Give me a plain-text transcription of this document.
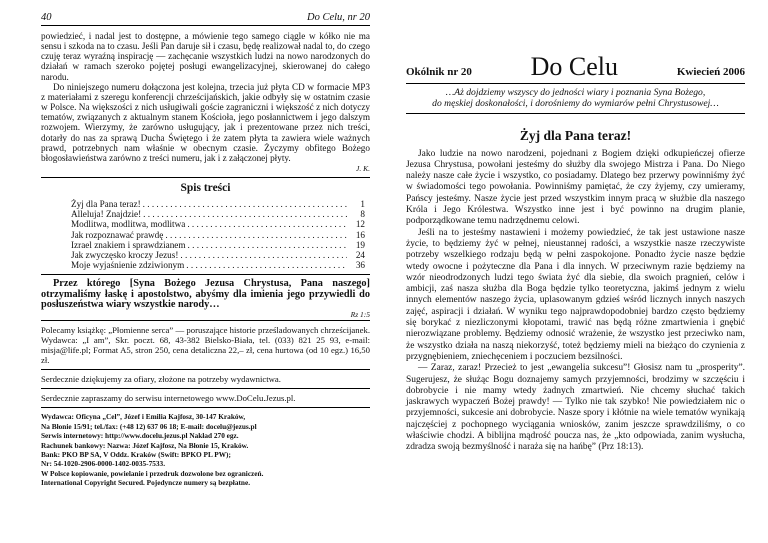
40	Do Celu, nr 20

powiedzieć, i nadal jest to dostępne, a mówienie tego samego ciągle w kółko nie ma sensu i szkoda na to czasu. Jeśli Pan daruje sił i czasu, będę realizował nadal to, do czego czuję teraz wyraźną inspirację — zachęcanie wszystkich ludzi na nowo narodzonych do działań w ramach szeroko pojętej posługi ewangelizacyjnej, skierowanej do całego narodu.

Do niniejszego numeru dołączona jest kolejna, trzecia już płyta CD w formacie MP3 z materiałami z szeregu konferencji chrześcijańskich, jakie odbyły się w ostatnim czasie w Polsce. Na większości z nich usługiwali goście zagraniczni i większość z nich dotyczy tematów, związanych z aktualnym stanem Kościoła, jego posłannictwem i jego dalszym rozwojem. Wierzymy, że zarówno usługujący, jak i prezentowane przez nich treści, dotarły do nas za sprawą Ducha Świętego i że zatem płyta ta zawiera wiele ważnych prawd, potrzebnych nam właśnie w obecnym czasie. Życzymy obfitego Bożego błogosławieństwa zarówno z treści numeru, jak i z załączonej płyty.

J. K.

Spis treści
Żyj dla Pana teraz! . . .	1
Alleluja! Znajdzie! . . .	8
Modlitwa, modlitwa, modlitwa . . .	12
Jak rozpoznawać prawdę . . .	16
Izrael znakiem i sprawdzianem . . .	19
Jak zwyczęsko kroczy Jezus! . . .	24
Moje wyjaśnienie zdziwionym . . .	36

Przez którego [Syna Bożego Jezusa Chrystusa, Pana naszego] otrzymaliśmy łaskę i apostolstwo, abyśmy dla imienia jego przywiedli do posłuszeństwa wiary wszystkie narody…

Rz 1:5

Polecamy książkę: „Płomienne serca” — poruszające historie prześladowanych chrześcijanek. Wydawca: „I am”, Skr. poczt. 68, 43-382 Bielsko-Biała, tel. (033) 821 25 93, e-mail: misja@life.pl; Format A5, stron 250, cena detaliczna 22,– zł, cena hurtowa (od 10 egz.) 16,50 zł.

Serdecznie dziękujemy za ofiary, złożone na potrzeby wydawnictwa.

Serdecznie zapraszamy do serwisu internetowego www.DoCelu.Jezus.pl.

Wydawca: Oficyna „Cel”, Józef i Emilia Kajfosz, 30-147 Kraków,

Na Błonie 15/91; tel./fax: (+48 12) 637 06 18; E-mail: docelu@jezus.pl

Serwis internetowy: http://www.docelu.jezus.pl Nakład 270 egz.

Rachunek bankowy: Nazwa: Józef Kajfosz, Na Błonie 15, Kraków.

Bank: PKO BP SA, V Oddz. Kraków (Swift: BPKO PL PW);

Nr: 54-1020-2906-0000-1402-0035-7533.

W Polsce kopiowanie, powielanie i przedruk dozwolone bez ograniczeń.

International Copyright Secured. Pojedyncze numery są bezpłatne.

Okólnik nr 20 Do Celu	Kwiecień 2006

…Aż dojdziemy wszyscy do jedności wiary i poznania Syna Bożego,
do męskiej doskonałości, i dorośniemy do wymiarów pełni Chrystusowej…

Żyj dla Pana teraz!

Jako ludzie na nowo narodzeni, pojednani z Bogiem dzięki odkupieńczej ofierze Jezusa Chrystusa, powołani jesteśmy do służby dla swojego Mistrza i Pana. Do Niego należy nasze całe życie i wszystko, co posiadamy. Dlatego bez przerwy powinniśmy żyć w świadomości tego powołania. Powinniśmy pamiętać, że czy żyjemy, czy umieramy, Pańscy jesteśmy. Nasze życie jest przed wszystkim innym pracą w służbie dla naszego Króla i Jego Królestwa. Wszystko inne jest i być powinno na drugim planie, podporządkowane temu nadrzędnemu celowi.

Jeśli na to jesteśmy nastawieni i możemy powiedzieć, że tak jest ustawione nasze życie, to będziemy żyć w pełnej, nieustannej radości, a wszystkie nasze rzeczywiste potrzeby wszelkiego rodzaju będą w pełni zaspokojone. Ponadto życie nasze będzie wtedy owocne i pożyteczne dla Pana i dla innych. W przeciwnym razie będziemy na wzór nieodrodzonych ludzi tego świata żyć dla siebie, dla swoich pragnień, celów i ambicji, zaś nasza służba dla Boga będzie tylko teoretyczna, jakimś jednym z wielu innych elementów naszego życia, uplasowanym gdzieś wśród licznych innych naszych zajęć, aspiracji i działań. W wyniku tego najprawdopodobniej bardzo często będziemy się borykać z niezliczonymi kłopotami, trawić nas będą różne zmartwienia i gnębić nierozwiązane problemy. Będziemy odnosić wrażenie, że wszystko jest przeciwko nam, że wszystko działa na naszą niekorzyść, toteż będziemy mieli na bieżąco do czynienia z przygnębieniem, zniechęceniem i poczuciem bezsilności.

— Zaraz, zaraz! Przecież to jest „ewangelia sukcesu”! Głosisz nam tu „prosperity”. Sugerujesz, że służąc Bogu doznajemy samych przyjemności, brodzimy w szczęściu i dobrobycie i nie mamy wtedy żadnych zmartwień. Nie chcemy słuchać takich jaskrawych wypaczeń Bożej prawdy! — Tylko nie tak szybko! Nie powiedziałem nic o przyjemności, sukcesie ani dobrobycie. Nasze spory i kłótnie na wiele tematów wynikają najczęściej z pochopnego wyciągania wniosków, zanim jeszcze sprawdziliśmy, o co właściwie chodzi. A biblijna mądrość poucza nas, że „kto odpowiada, zanim wysłucha, zdradza swoją bezmyślność i naraża się na hańbę” (Prz 18:13).
